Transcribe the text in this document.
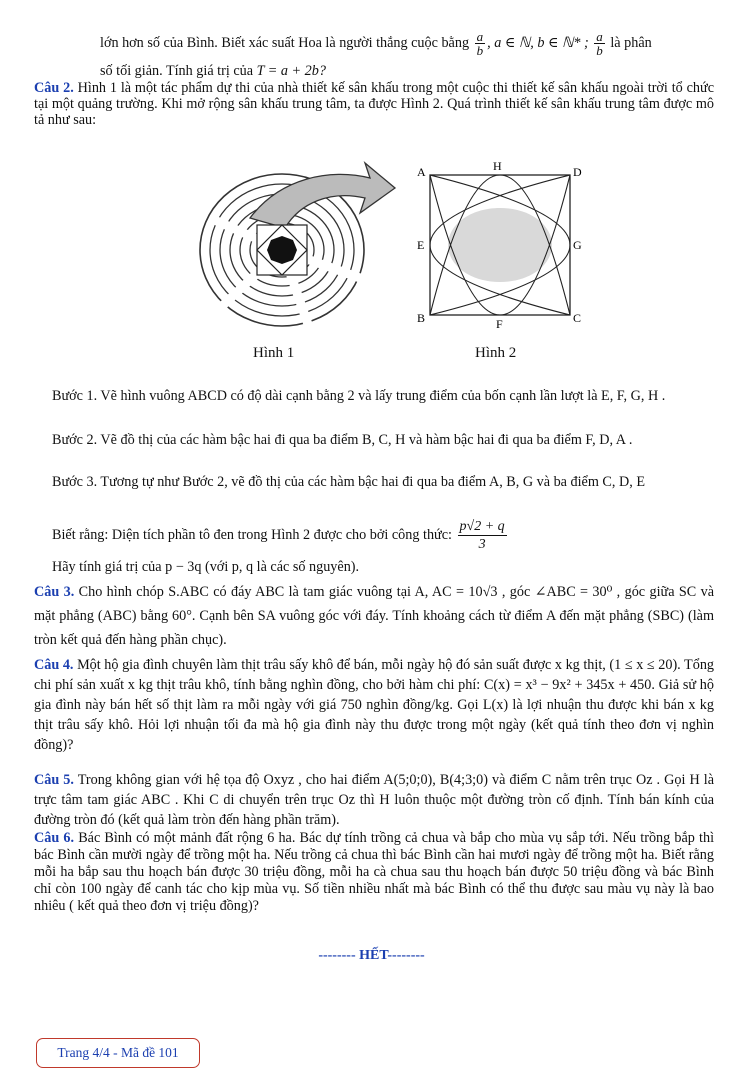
lớn hơn số của Bình. Biết xác suất Hoa là người thắng cuộc bằng $\frac{a}{b}$ , a ∈ ℕ, b ∈ ℕ* ; $\frac{a}{b}$ là phân
số tối giản. Tính giá trị của T = a + 2b?
Câu 2. Hình 1 là một tác phẩm dự thi của nhà thiết kế sân khấu trong một cuộc thi thiết kế sân khấu ngoài trời tổ chức tại một quảng trường. Khi mở rộng sân khấu trung tâm, ta được Hình 2. Quá trình thiết kế sân khấu trung tâm được mô tả như sau:
Hình 1
A	H	D
E	G
B	F	C
Hình 2
Bước 1. Vẽ hình vuông ABCD có độ dài cạnh bằng 2 và lấy trung điểm của bốn cạnh lần lượt là E, F, G, H .
Bước 2. Vẽ đồ thị của các hàm bậc hai đi qua ba điểm B, C, H và hàm bậc hai đi qua ba điểm F, D, A .
Bước 3. Tương tự như Bước 2, vẽ đồ thị của các hàm bậc hai đi qua ba điểm A, B, G và ba điểm C, D, E
Biết rằng: Diện tích phần tô đen trong Hình 2 được cho bởi công thức: $\frac{p√2 + q}{3}$
Hãy tính giá trị của p − 3q (với p, q là các số nguyên).
Câu 3. Cho hình chóp S.ABC có đáy ABC là tam giác vuông tại A, AC = 10√3 , góc ∠ABC = 30⁰ , góc giữa SC và mặt phẳng (ABC) bằng 60°. Cạnh bên SA vuông góc với đáy. Tính khoảng cách từ điểm A đến mặt phẳng (SBC) (làm tròn kết quả đến hàng phần chục).
Câu 4. Một hộ gia đình chuyên làm thịt trâu sấy khô để bán, mỗi ngày hộ đó sản suất được x kg thịt, (1 ≤ x ≤ 20). Tổng chi phí sản xuất x kg thịt trâu khô, tính bằng nghìn đồng, cho bởi hàm chi phí: C(x) = x³ − 9x² + 345x + 450. Giả sử hộ gia đình này bán hết số thịt làm ra mỗi ngày với giá 750 nghìn đồng/kg. Gọi L(x) là lợi nhuận thu được khi bán x kg thịt trâu sấy khô. Hỏi lợi nhuận tối đa mà hộ gia đình này thu được trong một ngày (kết quả tính theo đơn vị nghìn đồng)?
Câu 5. Trong không gian với hệ tọa độ Oxyz , cho hai điểm A(5;0;0), B(4;3;0) và điểm C nằm trên trục Oz . Gọi H là trực tâm tam giác ABC . Khi C di chuyển trên trục Oz thì H luôn thuộc một đường tròn cố định. Tính bán kính của đường tròn đó (kết quả làm tròn đến hàng phần trăm).
Câu 6. Bác Bình có một mảnh đất rộng 6 ha. Bác dự tính trồng cả chua và bắp cho mùa vụ sắp tới. Nếu trồng bắp thì bác Bình cần mười ngày để trồng một ha. Nếu trồng cả chua thì bác Bình cần hai mươi ngày để trồng một ha. Biết rằng mỗi ha bắp sau thu hoạch bán được 30 triệu đồng, mỗi ha cà chua sau thu hoạch bán được 50 triệu đồng và bác Bình chỉ còn 100 ngày để canh tác cho kịp mùa vụ. Số tiền nhiều nhất mà bác Bình có thể thu được sau màu vụ này là bao nhiêu ( kết quả theo đơn vị triệu đồng)?
-------- HẾT--------
Trang 4/4 - Mã đề 101
